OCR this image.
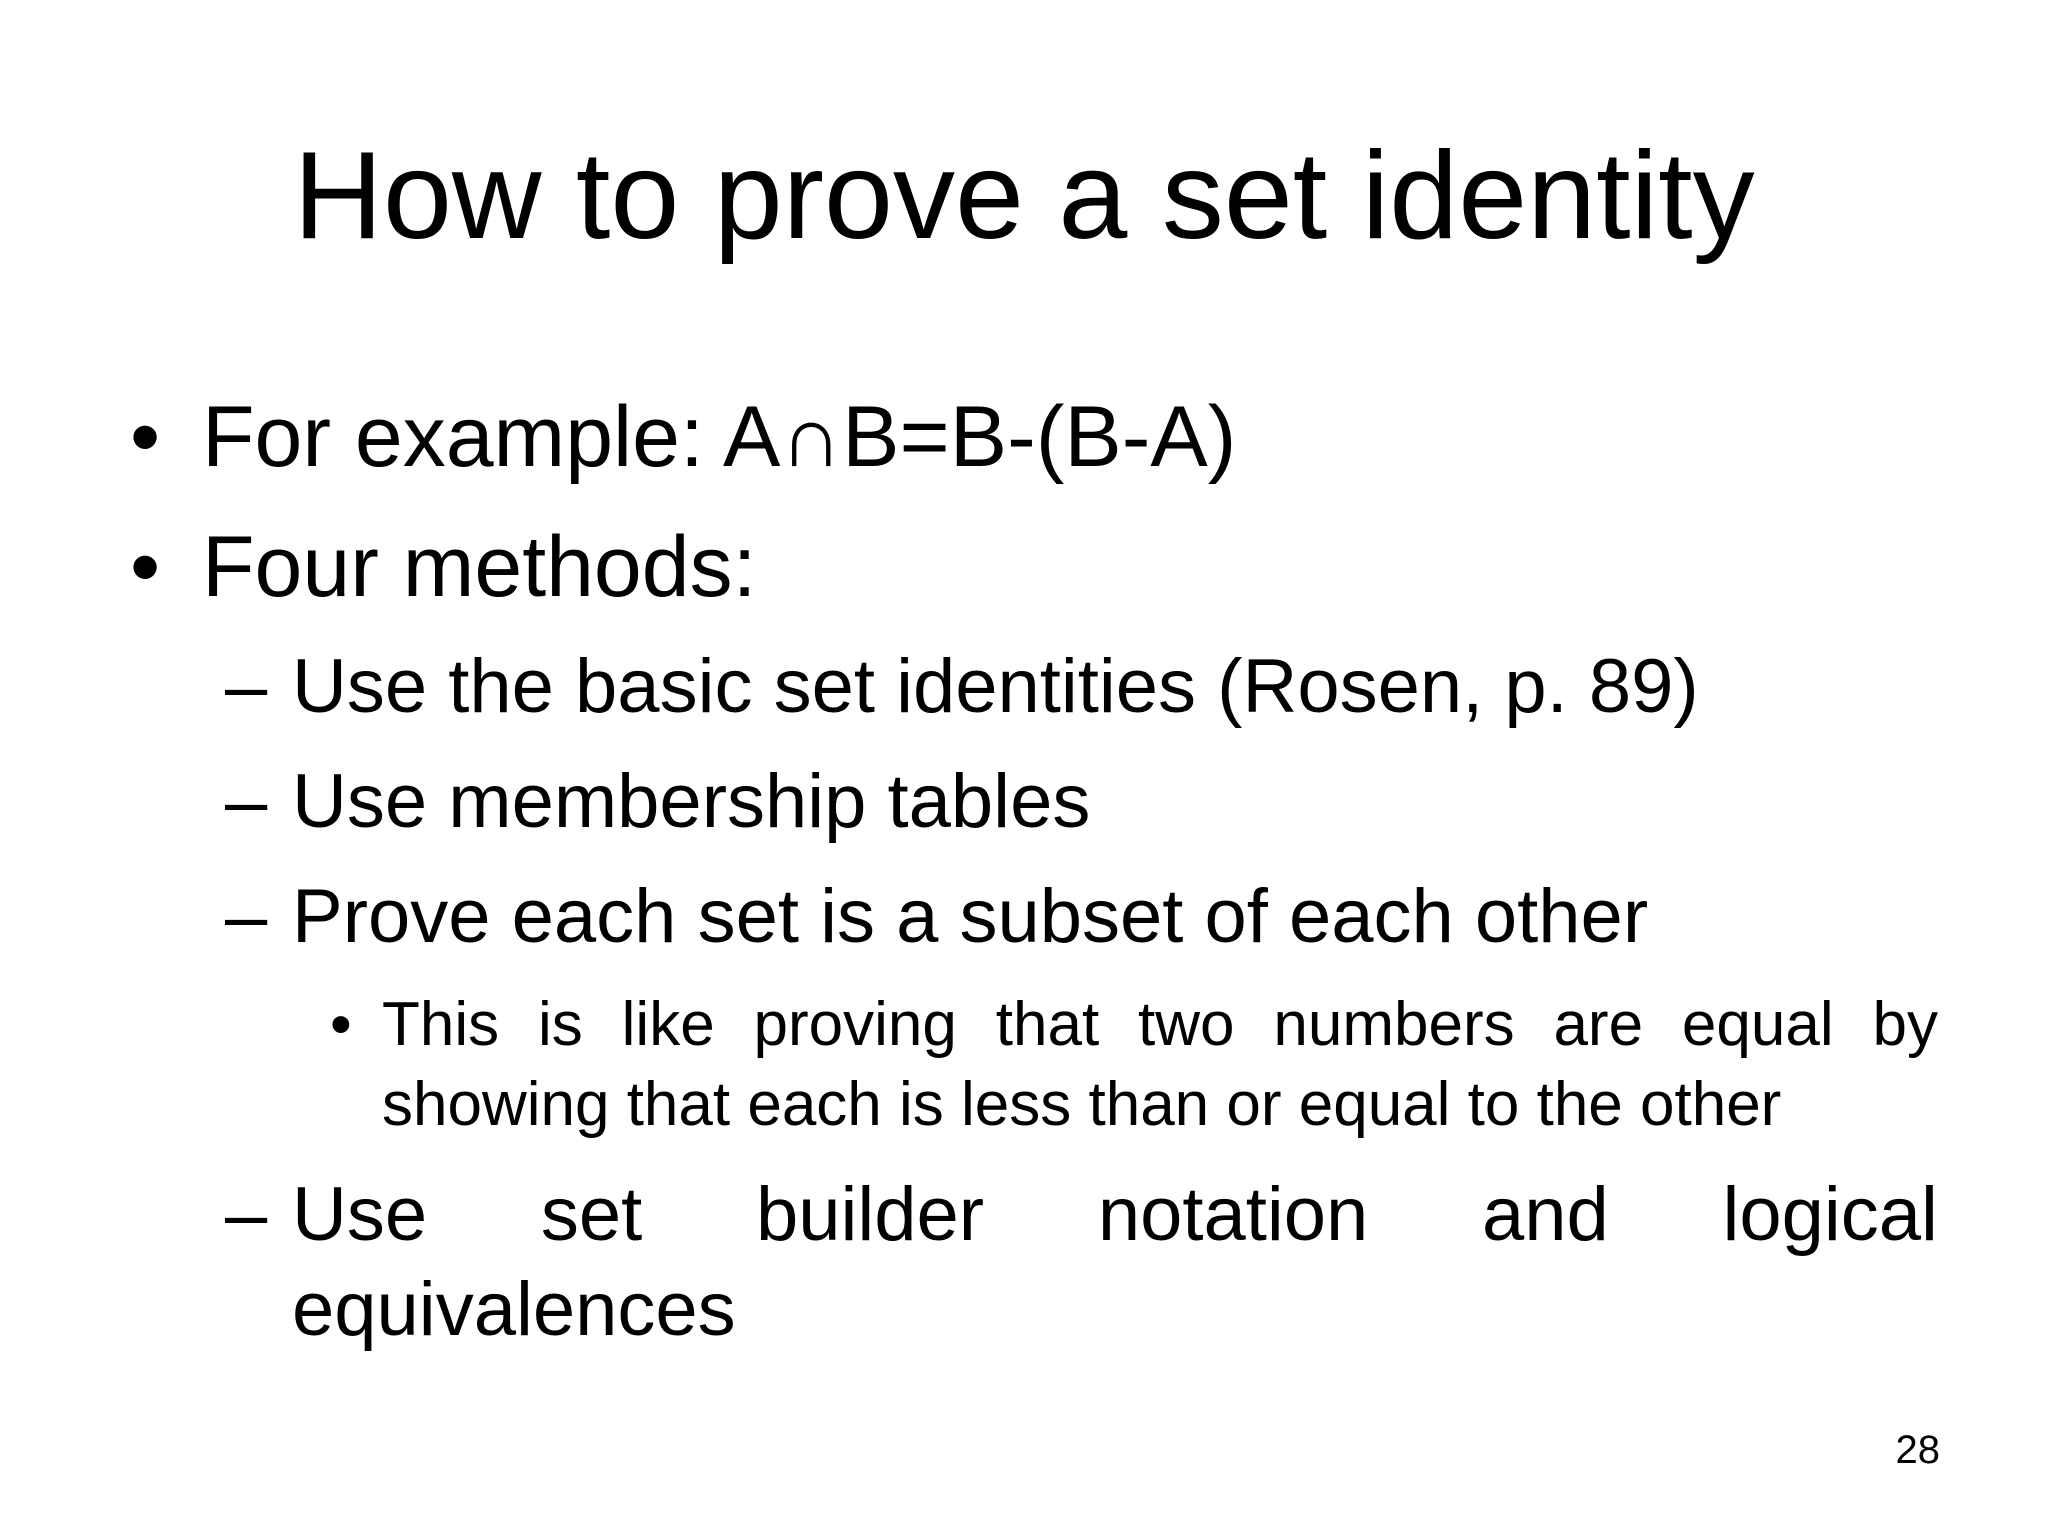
How to prove a set identity
• For example: A∩B=B-(B-A)
• Four methods:
– Use the basic set identities (Rosen, p. 89)
– Use membership tables
– Prove each set is a subset of each other
• This is like proving that two numbers are equal by
showing that each is less than or equal to the other
– Use set builder notation and logical
equivalences
28
